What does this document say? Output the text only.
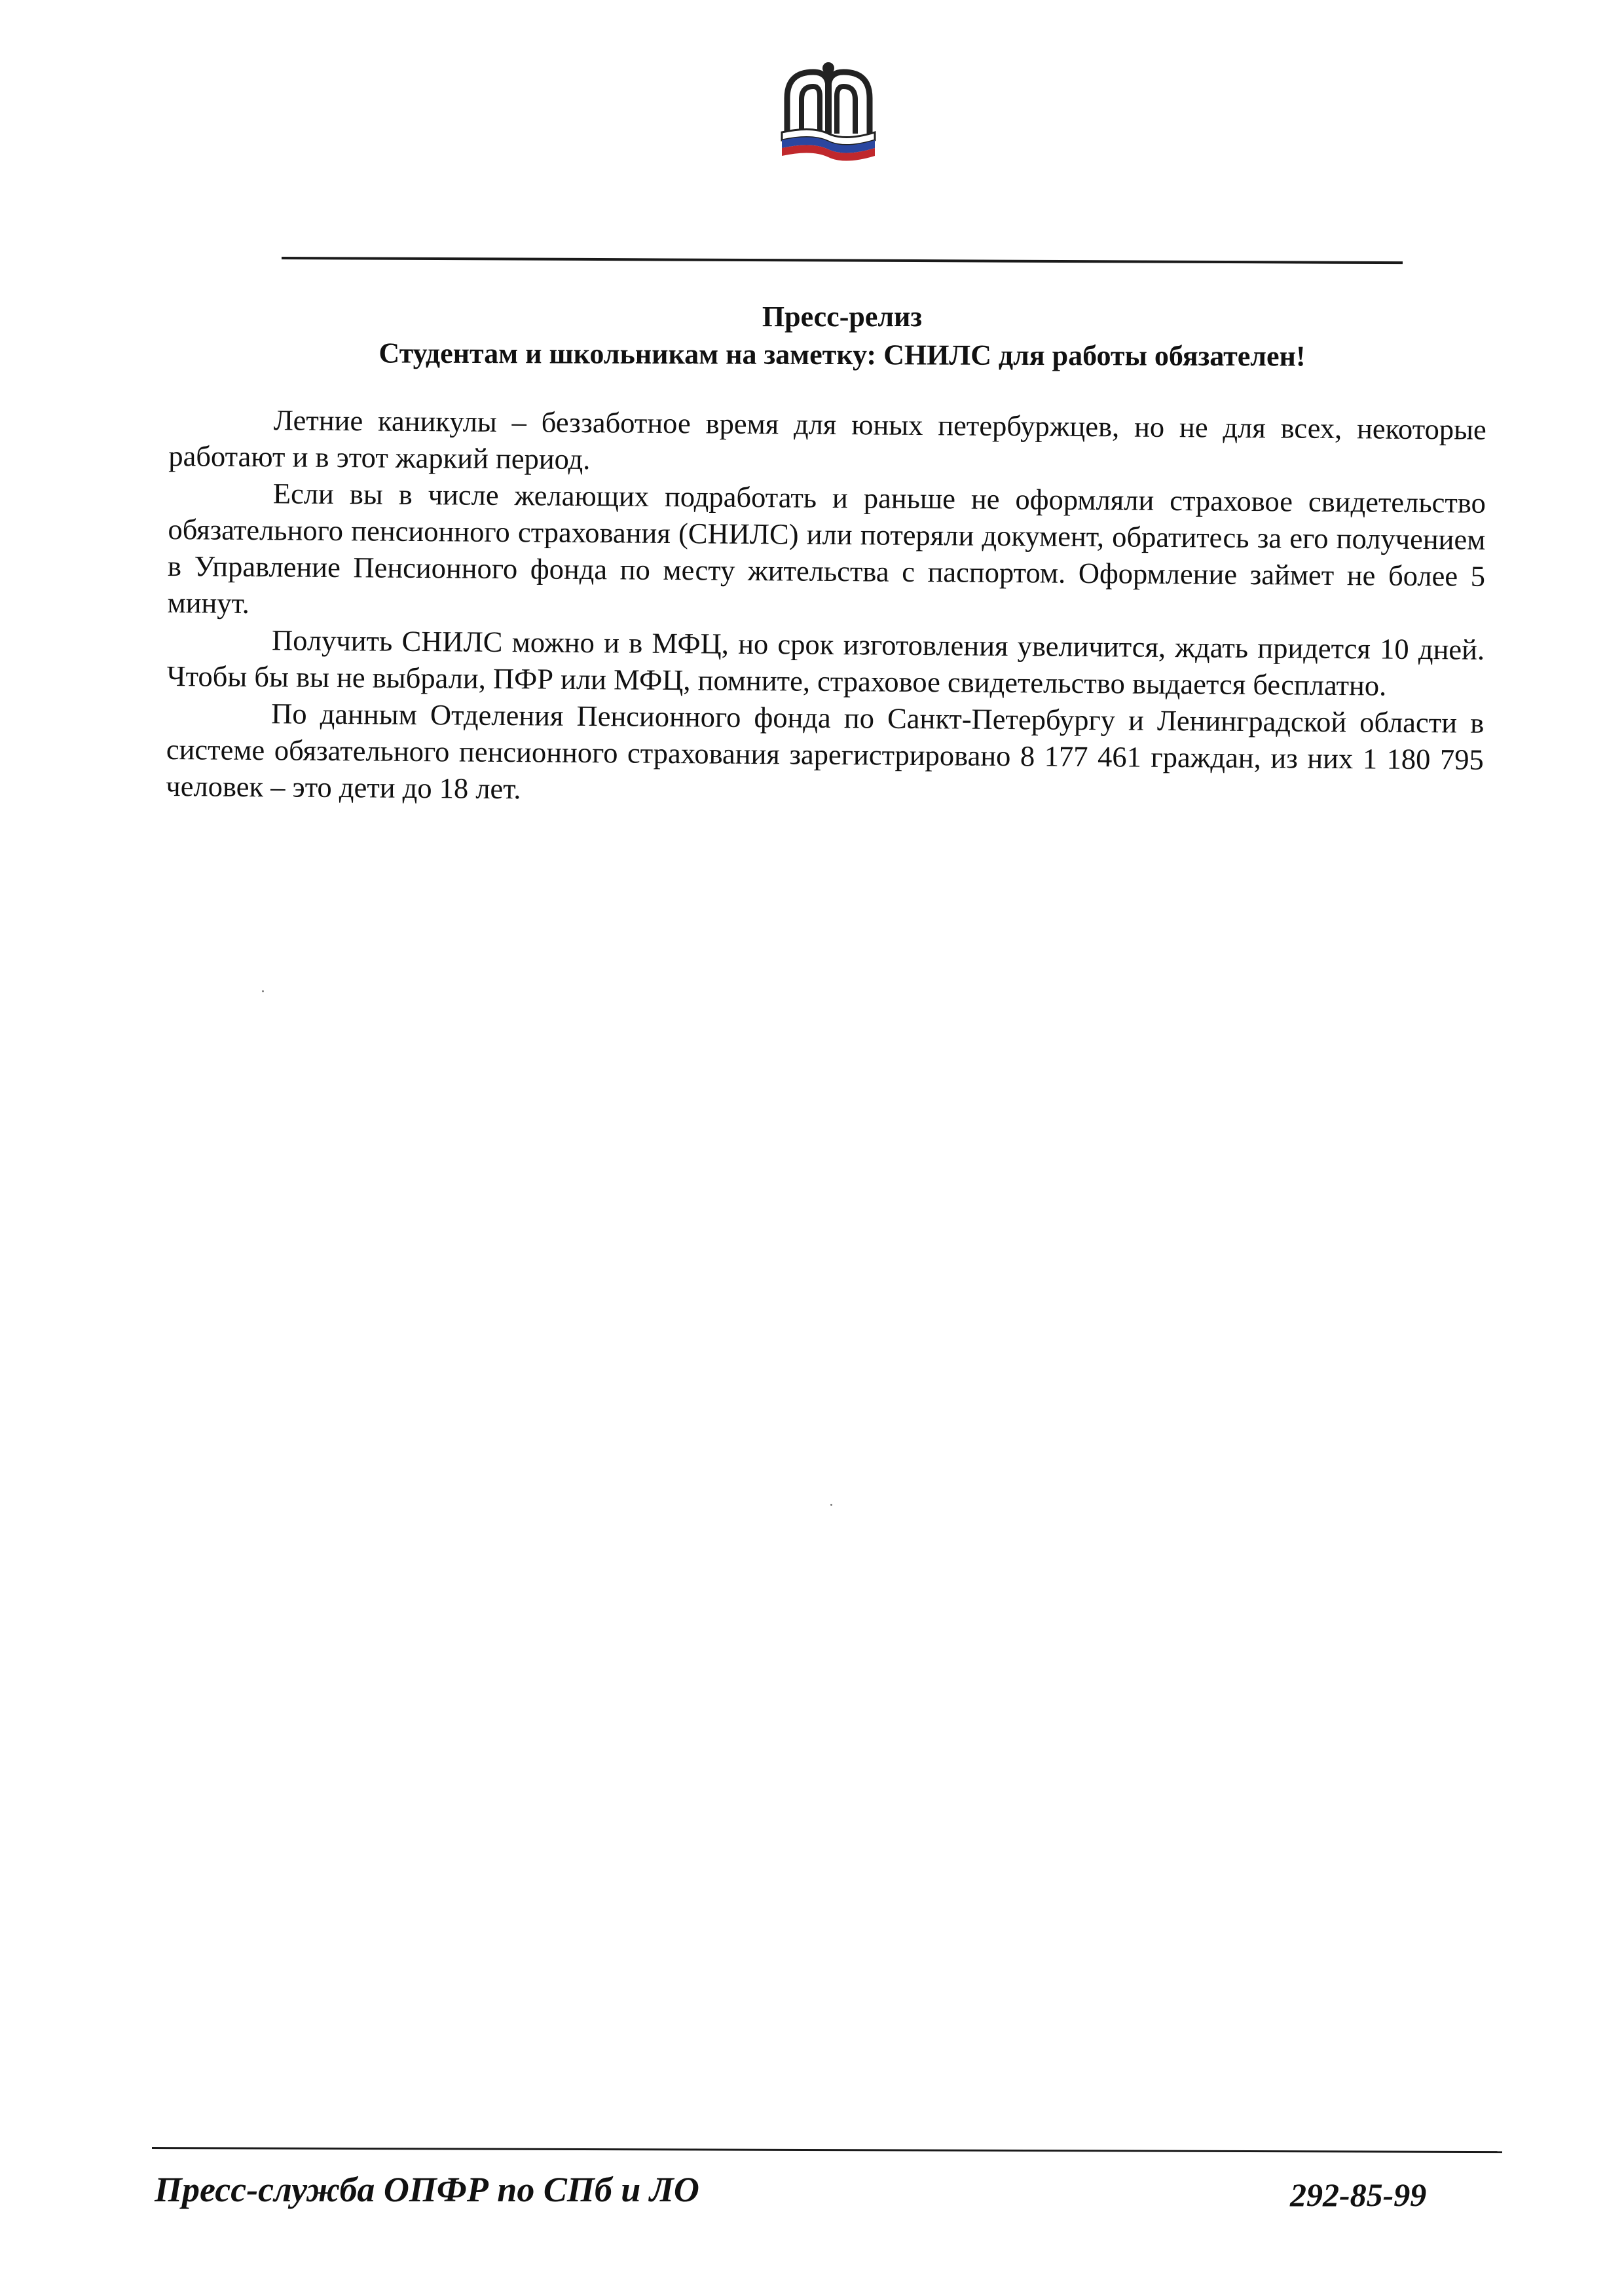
Пресс-релиз
Студентам и школьникам на заметку: СНИЛС для работы обязателен!

Летние каникулы – беззаботное время для юных петербуржцев, но не для всех, некоторые работают и в этот жаркий период.

Если вы в числе желающих подработать и раньше не оформляли страховое свидетельство обязательного пенсионного страхования (СНИЛС) или потеряли документ, обратитесь за его получением в Управление Пенсионного фонда по месту жительства с паспортом. Оформление займет не более 5 минут.

Получить СНИЛС можно и в МФЦ, но срок изготовления увеличится, ждать придется 10 дней. Чтобы бы вы не выбрали, ПФР или МФЦ, помните, страховое свидетельство выдается бесплатно.

По данным Отделения Пенсионного фонда по Санкт-Петербургу и Ленинградской области в системе обязательного пенсионного страхования зарегистрировано 8 177 461 граждан, из них 1 180 795 человек – это дети до 18 лет.

Пресс-служба ОПФР по СПб и ЛО	292-85-99
